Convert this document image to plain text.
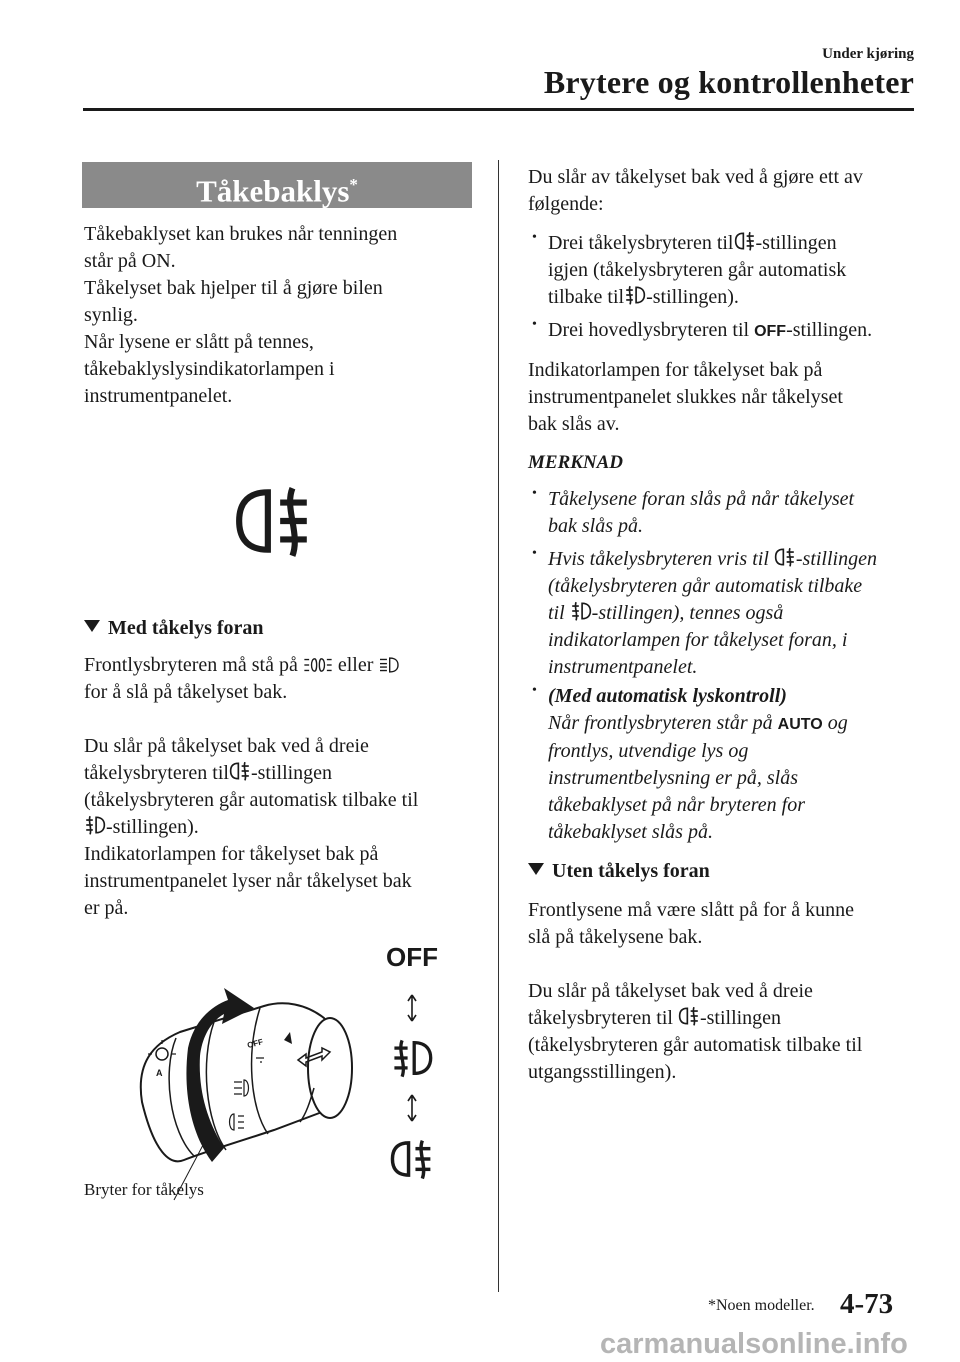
Under kjøring
Brytere og kontrollenheter
Tåkebaklys*

Tåkebaklyset kan brukes når tenningen

står på ON.

Tåkelyset bak hjelper til å gjøre bilen

synlig.

Når lysene er slått på tennes,

tåkebaklyslysindikatorlampen i

instrumentpanelet.

Med tåkelys foran

Frontlysbryteren må stå på eller

for å slå på tåkelyset bak.

Du slår på tåkelyset bak ved å dreie

tåkelysbryteren til -stillingen

(tåkelysbryteren går automatisk tilbake til

-stillingen).

Indikatorlampen for tåkelyset bak på

instrumentpanelet lyser når tåkelyset bak

er på.

A
OFF
Bryter for tåkelys
OFF

Du slår av tåkelyset bak ved å gjøre ett av

følgende:

• Drei tåkelysbryteren til -stillingen

igjen (tåkelysbryteren går automatisk

tilbake til -stillingen).

• Drei hovedlysbryteren til OFF-stillingen.

Indikatorlampen for tåkelyset bak på

instrumentpanelet slukkes når tåkelyset

bak slås av.

MERKNAD

• Tåkelysene foran slås på når tåkelyset

bak slås på.

• Hvis tåkelysbryteren vris til -stillingen

(tåkelysbryteren går automatisk tilbake

til -stillingen), tennes også

indikatorlampen for tåkelyset foran, i

instrumentpanelet.

• (Med automatisk lyskontroll)

Når frontlysbryteren står på AUTO og

frontlys, utvendige lys og

instrumentbelysning er på, slås

tåkebaklyset på når bryteren for

tåkebaklyset slås på.

Uten tåkelys foran

Frontlysene må være slått på for å kunne

slå på tåkelysene bak.

Du slår på tåkelyset bak ved å dreie

tåkelysbryteren til -stillingen

(tåkelysbryteren går automatisk tilbake til

utgangsstillingen).

*Noen modeller. 4-73
carmanualsonline.info
